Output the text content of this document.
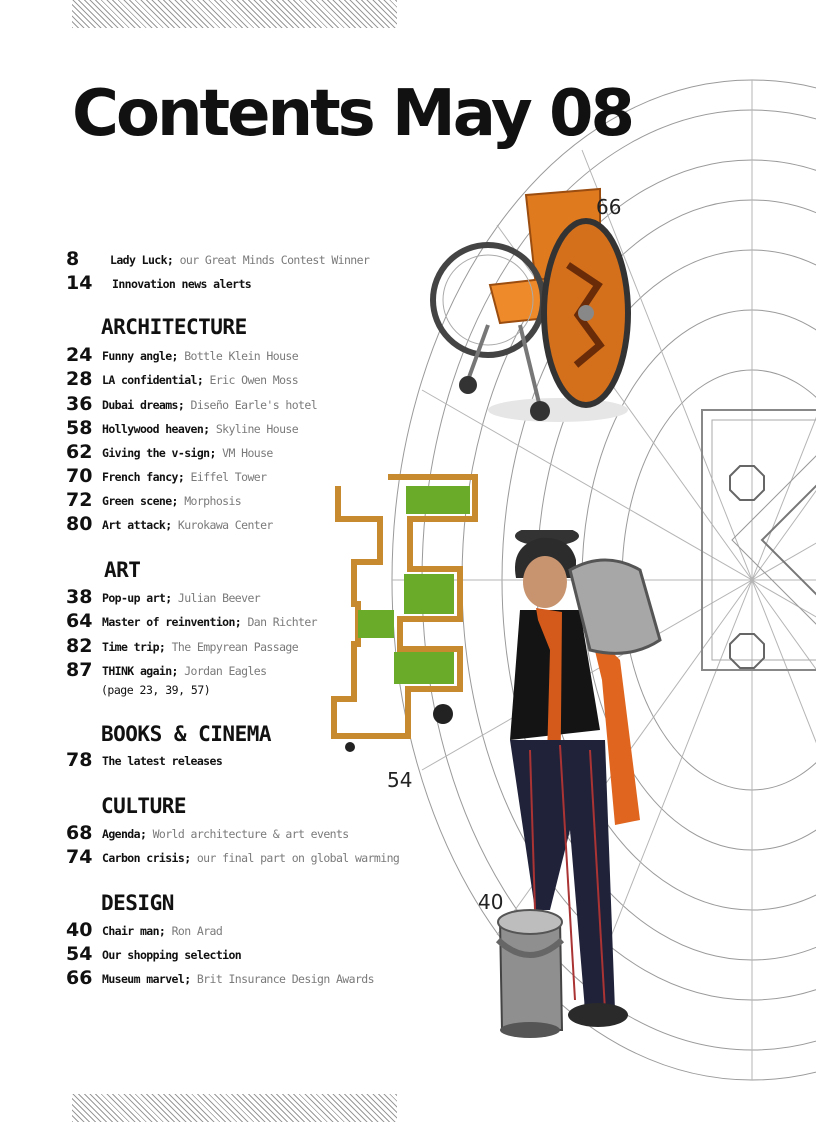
Contents May 08
66
54
40
8	Lady Luck; our Great Minds Contest Winner
14	Innovation news alerts
ARCHITECTURE
24 Funny angle; Bottle Klein House
28 LA confidential; Eric Owen Moss
36 Dubai dreams; Diseño Earle's hotel
58 Hollywood heaven; Skyline House
62 Giving the v-sign; VM House
70 French fancy; Eiffel Tower
72 Green scene; Morphosis
80 Art attack; Kurokawa Center
ART
38 Pop-up art; Julian Beever
64 Master of reinvention; Dan Richter
82 Time trip; The Empyrean Passage
87 THINK again; Jordan Eagles
(page 23, 39, 57)
BOOKS & CINEMA
78 The latest releases
CULTURE
68 Agenda; World architecture & art events
74 Carbon crisis; our final part on global warming
DESIGN
40 Chair man; Ron Arad
54 Our shopping selection
66 Museum marvel; Brit Insurance Design Awards
